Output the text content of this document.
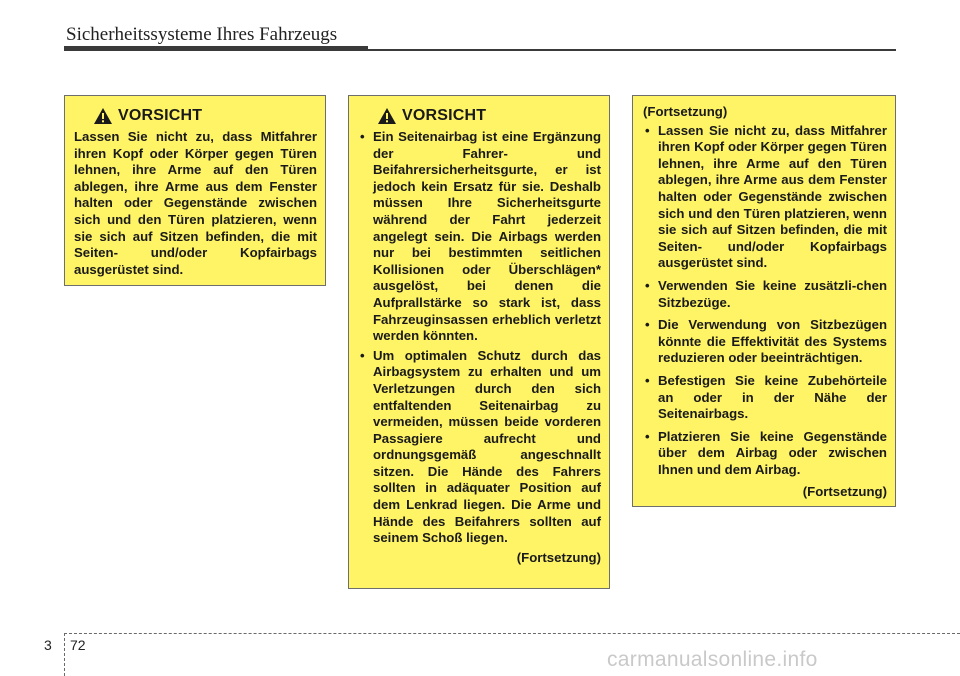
Sicherheitssysteme Ihres Fahrzeugs
VORSICHT
Lassen Sie nicht zu, dass Mitfahrer ihren Kopf oder Körper gegen Türen lehnen, ihre Arme auf den Türen ablegen, ihre Arme aus dem Fenster halten oder Gegenstände zwischen sich und den Türen platzieren, wenn sie sich auf Sitzen befinden, die mit Seiten- und/oder Kopfairbags ausgerüstet sind.
VORSICHT
• Ein Seitenairbag ist eine Ergänzung der Fahrer- und Beifahrersicherheitsgurte, er ist jedoch kein Ersatz für sie. Deshalb müssen Ihre Sicherheitsgurte während der Fahrt jederzeit angelegt sein. Die Airbags werden nur bei bestimmten seitlichen Kollisionen oder Überschlägen* ausgelöst, bei denen die Aufprallstärke so stark ist, dass Fahrzeuginsassen erheblich verletzt werden könnten.
• Um optimalen Schutz durch das Airbagsystem zu erhalten und um Verletzungen durch den sich entfaltenden Seitenairbag zu vermeiden, müssen beide vorderen Passagiere aufrecht und ordnungsgemäß angeschnallt sitzen. Die Hände des Fahrers sollten in adäquater Position auf dem Lenkrad liegen. Die Arme und Hände des Beifahrers sollten auf seinem Schoß liegen.
(Fortsetzung)
(Fortsetzung)
• Lassen Sie nicht zu, dass Mitfahrer ihren Kopf oder Körper gegen Türen lehnen, ihre Arme auf den Türen ablegen, ihre Arme aus dem Fenster halten oder Gegenstände zwischen sich und den Türen platzieren, wenn sie sich auf Sitzen befinden, die mit Seiten- und/oder Kopfairbags ausgerüstet sind.
• Verwenden Sie keine zusätzli-chen Sitzbezüge.
• Die Verwendung von Sitzbezügen könnte die Effektivität des Systems reduzieren oder beeinträchtigen.
• Befestigen Sie keine Zubehörteile an oder in der Nähe der Seitenairbags.
• Platzieren Sie keine Gegenstände über dem Airbag oder zwischen Ihnen und dem Airbag.
(Fortsetzung)
3 72
carmanualsonline.info
